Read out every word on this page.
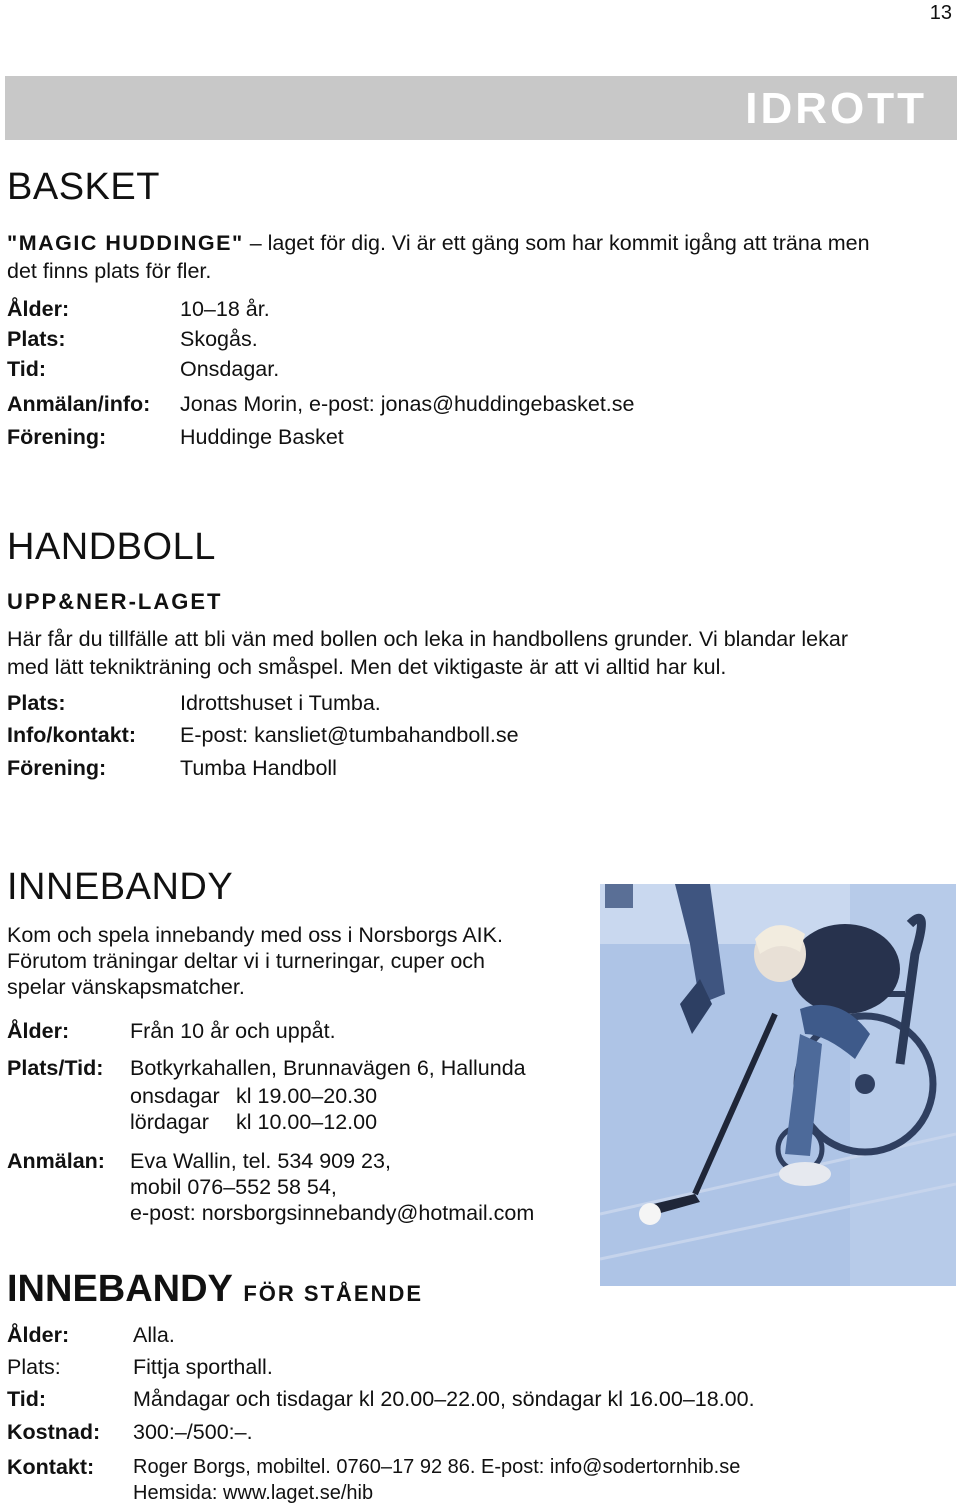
13
IDROTT
BASKET
"MAGIC HUDDINGE" – laget för dig. Vi är ett gäng som har kommit igång att träna men
det finns plats för fler.
Ålder:	10–18 år.
Plats:	Skogås.
Tid:	Onsdagar.
Anmälan/info: Jonas Morin, e-post: jonas@huddingebasket.se
Förening:	Huddinge Basket
HANDBOLL
UPP&NER-LAGET
Här får du tillfälle att bli vän med bollen och leka in handbollens grunder. Vi blandar lekar
med lätt teknikträning och småspel. Men det viktigaste är att vi alltid har kul.
Plats:	Idrottshuset i Tumba.
Info/kontakt: E-post: kansliet@tumbahandboll.se
Förening:	Tumba Handboll
INNEBANDY
Kom och spela innebandy med oss i Norsborgs AIK.
Förutom träningar deltar vi i turneringar, cuper och
spelar vänskapsmatcher.
Ålder:	Från 10 år och uppåt.
Plats/Tid: Botkyrkahallen, Brunnavägen 6, Hallunda
onsdagar kl 19.00–20.30
lördagar kl 10.00–12.00
Anmälan: Eva Wallin, tel. 534 909 23,
mobil 076–552 58 54,
e-post: norsborgsinnebandy@hotmail.com
INNEBANDY FÖR STÅENDE
Ålder:	Alla.
Plats:	Fittja sporthall.
Tid:	Måndagar och tisdagar kl 20.00–22.00, söndagar kl 16.00–18.00.
Kostnad: 300:–/500:–.
Kontakt: Roger Borgs, mobiltel. 0760–17 92 86. E-post: info@sodertornhib.se
Hemsida: www.laget.se/hib
